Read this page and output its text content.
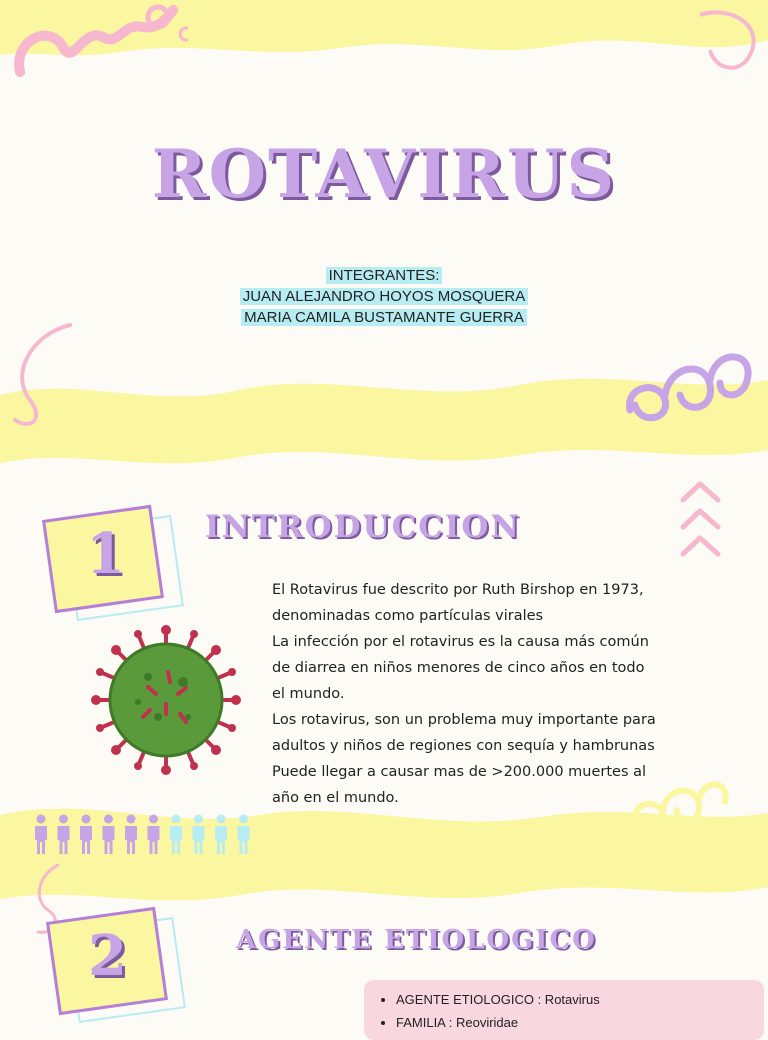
ROTAVIRUS
INTEGRANTES:
JUAN ALEJANDRO HOYOS MOSQUERA
MARIA CAMILA BUSTAMANTE GUERRA
1	INTRODUCCION
El Rotavirus fue descrito por Ruth Birshop en 1973,
denominadas como partículas virales
La infección por el rotavirus es la causa más común
de diarrea en niños menores de cinco años en todo
el mundo.
Los rotavirus, son un problema muy importante para
adultos y niños de regiones con sequía y hambrunas
Puede llegar a causar mas de >200.000 muertes al
año en el mundo.
2	AGENTE ETIOLOGICO
• AGENTE ETIOLOGICO : Rotavirus
• FAMILIA : Reoviridae
